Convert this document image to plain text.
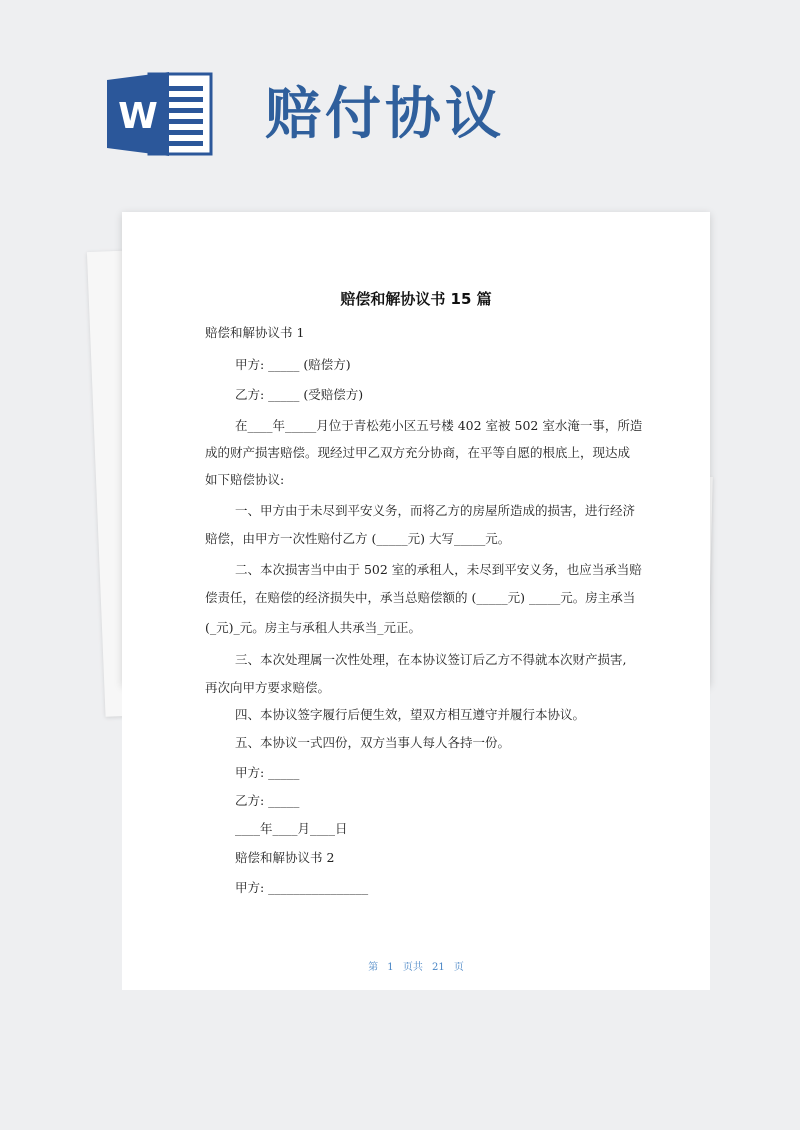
W 赔付协议
赔偿和解协议书 15 篇
赔偿和解协议书 1
甲方: _____ (赔偿方)
乙方: _____ (受赔偿方)
在____年_____月位于青松苑小区五号楼 402 室被 502 室水淹一事，所造
成的财产损害赔偿。现经过甲乙双方充分协商，在平等自愿的根底上，现达成
如下赔偿协议:
一、甲方由于未尽到平安义务，而将乙方的房屋所造成的损害，进行经济
赔偿，由甲方一次性赔付乙方 (_____元) 大写_____元。
二、本次损害当中由于 502 室的承租人，未尽到平安义务，也应当承当赔
偿责任，在赔偿的经济损失中，承当总赔偿额的 (_____元) _____元。房主承当
(_元)_元。房主与承租人共承当_元正。
三、本次处理属一次性处理，在本协议签订后乙方不得就本次财产损害,
再次向甲方要求赔偿。
四、本协议签字履行后便生效，望双方相互遵守并履行本协议。
五、本协议一式四份，双方当事人每人各持一份。
甲方: _____
乙方: _____
____年____月____日
赔偿和解协议书 2
甲方: ________________
第 1 页共 21 页
